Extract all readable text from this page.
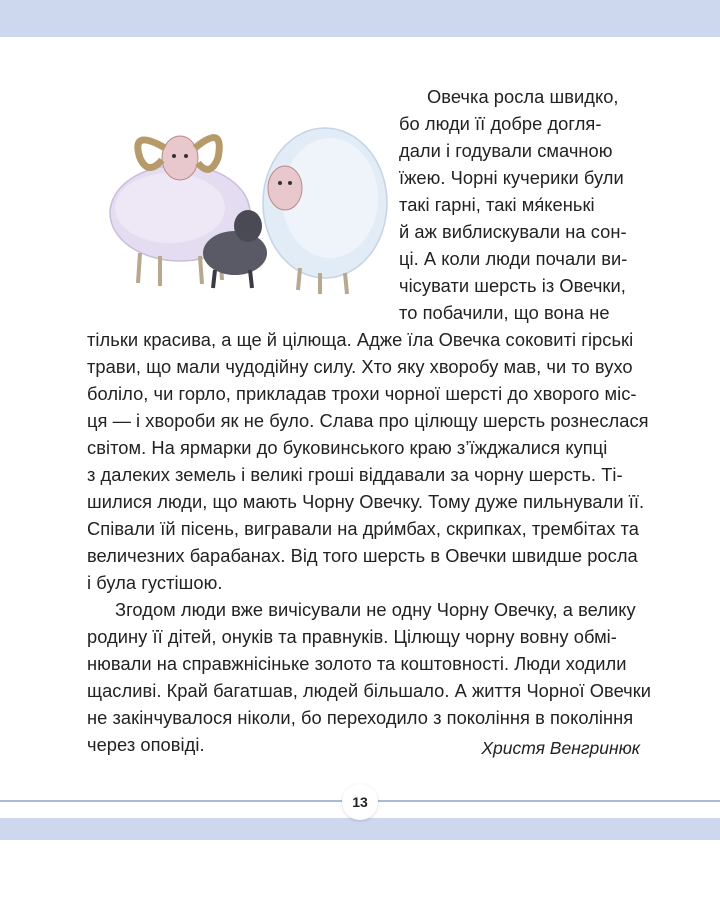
Овечка росла швидко,
бо люди її добре догля-
дали і годували смачною
їжею. Чорні кучерики були
такі гарні, такі мя́кенькі
й аж виблискували на сон-
ці. А коли люди почали ви-
чісувати шерсть із Овечки,
то побачили, що вона не
тільки красива, а ще й цілюща. Адже їла Овечка соковиті гірські
трави, що мали чудодійну силу. Хто яку хворобу мав, чи то вухо
боліло, чи горло, прикладав трохи чорної шерсті до хворого міс-
ця — і хвороби як не було. Слава про цілющу шерсть рознеслася
світом. На ярмарки до буковинського краю з’їжджалися купці
з далеких земель і великі гроші віддавали за чорну шерсть. Ті-
шилися люди, що мають Чорну Овечку. Тому дуже пильнували її.
Співали їй пісень, вигравали на дри́мбах, скрипках, трембітах та
величезних барабанах. Від того шерсть в Овечки швидше росла
і була густішою.
Згодом люди вже вичісували не одну Чорну Овечку, а велику
родину її дітей, онуків та правнуків. Цілющу чорну вовну обмі-
нювали на справжнісіньке золото та коштовності. Люди ходили
щасливі. Край багатшав, людей більшало. А життя Чорної Овечки
не закінчувалося ніколи, бо переходило з покоління в покоління
через оповіді.	Христя Венгринюк
13
